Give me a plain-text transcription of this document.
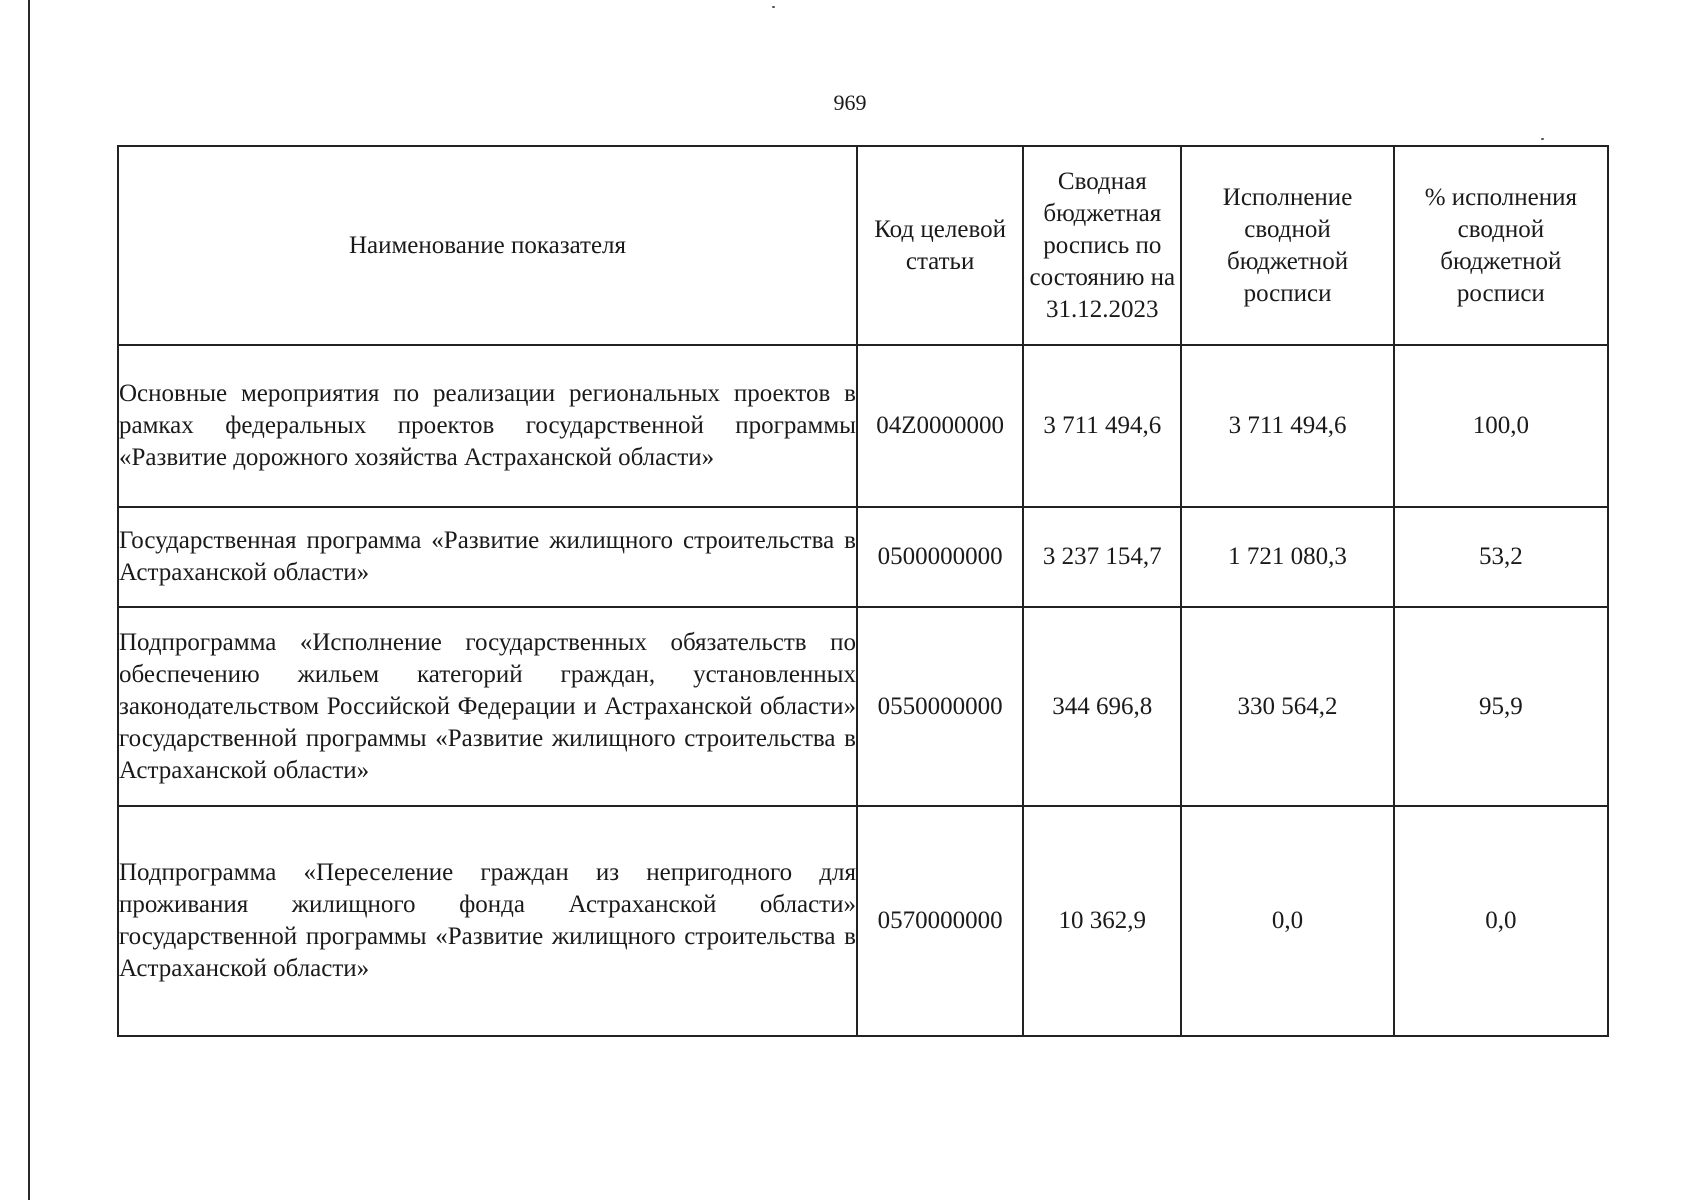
969
Наименование показателя	Код целевой статьи	Сводная бюджетная роспись по состоянию на 31.12.2023	Исполнение сводной бюджетной росписи	% исполнения сводной бюджетной росписи
Основные мероприятия по реализации региональных проектов в рамках федеральных проектов государственной программы «Развитие дорожного хозяйства Астраханской области»	04Z0000000	3 711 494,6	3 711 494,6	100,0
Государственная программа «Развитие жилищного строительства в Астраханской области»	0500000000	3 237 154,7	1 721 080,3	53,2
Подпрограмма «Исполнение государственных обязательств по обеспечению жильем категорий граждан, установленных законодательством Российской Федерации и Астраханской области» государственной программы «Развитие жилищного строительства в Астраханской области»	0550000000	344 696,8	330 564,2	95,9
Подпрограмма «Переселение граждан из непригодного для проживания жилищного фонда Астраханской области» государственной программы «Развитие жилищного строительства в Астраханской области»	0570000000	10 362,9	0,0	0,0
